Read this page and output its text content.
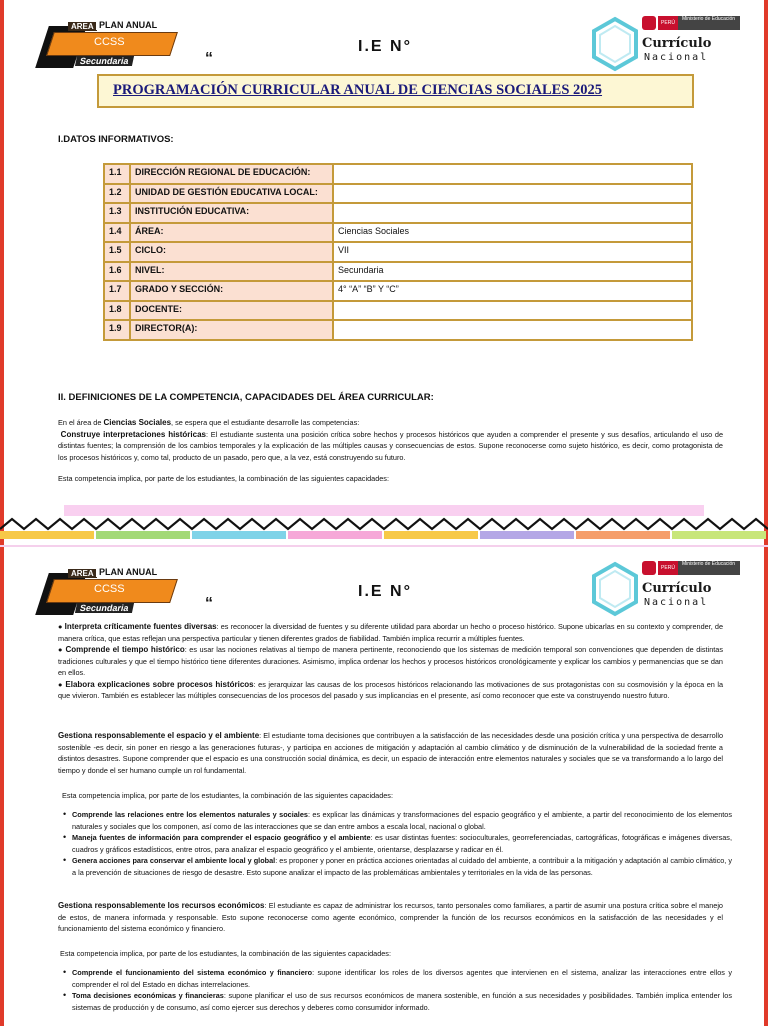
AREA PLAN ANUAL
CCSS
Secundaria
I.E N°
“
PERÚ
Ministerio de Educación
Currículo
Nacional
PROGRAMACIÓN CURRICULAR ANUAL DE CIENCIAS SOCIALES 2025
I.DATOS INFORMATIVOS:
1.1	DIRECCIÓN REGIONAL DE EDUCACIÓN:	
1.2	UNIDAD DE GESTIÓN EDUCATIVA LOCAL:	
1.3	INSTITUCIÓN EDUCATIVA:	
1.4	ÁREA:	Ciencias Sociales
1.5	CICLO:	VII
1.6	NIVEL:	Secundaria
1.7	GRADO Y SECCIÓN:	4° “A” “B” Y “C”
1.8	DOCENTE:	
1.9	DIRECTOR(A):	
II. DEFINICIONES DE LA COMPETENCIA, CAPACIDADES DEL ÁREA CURRICULAR:
En el área de Ciencias Sociales, se espera que el estudiante desarrolle las competencias:
Construye interpretaciones históricas: El estudiante sustenta una posición crítica sobre hechos y procesos históricos que ayuden a comprender el presente y sus desafíos, articulando el uso de distintas fuentes; la comprensión de los cambios temporales y la explicación de las múltiples causas y consecuencias de estos. Supone reconocerse como sujeto histórico, es decir, como protagonista de los procesos históricos y, como tal, producto de un pasado, pero que, a la vez, está construyendo su futuro.
Esta competencia implica, por parte de los estudiantes, la combinación de las siguientes capacidades:
AREA PLAN ANUAL
CCSS
Secundaria
I.E N°
“
PERÚ
Ministerio de Educación
Currículo
Nacional
● Interpreta críticamente fuentes diversas: es reconocer la diversidad de fuentes y su diferente utilidad para abordar un hecho o proceso histórico. Supone ubicarlas en su contexto y comprender, de manera crítica, que estas reflejan una perspectiva particular y tienen diferentes grados de fiabilidad. También implica recurrir a múltiples fuentes.
● Comprende el tiempo histórico: es usar las nociones relativas al tiempo de manera pertinente, reconociendo que los sistemas de medición temporal son convenciones que dependen de distintas tradiciones culturales y que el tiempo histórico tiene diferentes duraciones. Asimismo, implica ordenar los hechos y procesos históricos cronológicamente y explicar los cambios y permanencias que se dan en ellos.
● Elabora explicaciones sobre procesos históricos: es jerarquizar las causas de los procesos históricos relacionando las motivaciones de sus protagonistas con su cosmovisión y la época en la que vivieron. También es establecer las múltiples consecuencias de los procesos del pasado y sus implicancias en el presente, así como reconocer que este va construyendo nuestro futuro.
Gestiona responsablemente el espacio y el ambiente: El estudiante toma decisiones que contribuyen a la satisfacción de las necesidades desde una posición crítica y una perspectiva de desarrollo sostenible -es decir, sin poner en riesgo a las generaciones futuras-, y participa en acciones de mitigación y adaptación al cambio climático y de disminución de la vulnerabilidad de la sociedad frente a distintos desastres. Supone comprender que el espacio es una construcción social dinámica, es decir, un espacio de interacción entre elementos naturales y sociales que se va transformando a lo largo del tiempo y donde el ser humano cumple un rol fundamental.
Esta competencia implica, por parte de los estudiantes, la combinación de las siguientes capacidades:
• Comprende las relaciones entre los elementos naturales y sociales: es explicar las dinámicas y transformaciones del espacio geográfico y el ambiente, a partir del reconocimiento de los elementos naturales y sociales que los componen, así como de las interacciones que se dan entre ambos a escala local, nacional o global.
• Maneja fuentes de información para comprender el espacio geográfico y el ambiente: es usar distintas fuentes: socioculturales, georreferenciadas, cartográficas, fotográficas e imágenes diversas, cuadros y gráficos estadísticos, entre otros, para analizar el espacio geográfico y el ambiente, orientarse, desplazarse y radicar en él.
• Genera acciones para conservar el ambiente local y global: es proponer y poner en práctica acciones orientadas al cuidado del ambiente, a contribuir a la mitigación y adaptación al cambio climático, y a la prevención de situaciones de riesgo de desastre. Esto supone analizar el impacto de las problemáticas ambientales y territoriales en la vida de las personas.
Gestiona responsablemente los recursos económicos: El estudiante es capaz de administrar los recursos, tanto personales como familiares, a partir de asumir una postura crítica sobre el manejo de estos, de manera informada y responsable. Esto supone reconocerse como agente económico, comprender la función de los recursos económicos en la satisfacción de las necesidades y el funcionamiento del sistema económico y financiero.
Esta competencia implica, por parte de los estudiantes, la combinación de las siguientes capacidades:
• Comprende el funcionamiento del sistema económico y financiero: supone identificar los roles de los diversos agentes que intervienen en el sistema, analizar las interacciones entre ellos y comprender el rol del Estado en dichas interrelaciones.
• Toma decisiones económicas y financieras: supone planificar el uso de sus recursos económicos de manera sostenible, en función a sus necesidades y posibilidades. También implica entender los sistemas de producción y de consumo, así como ejercer sus derechos y deberes como consumidor informado.
